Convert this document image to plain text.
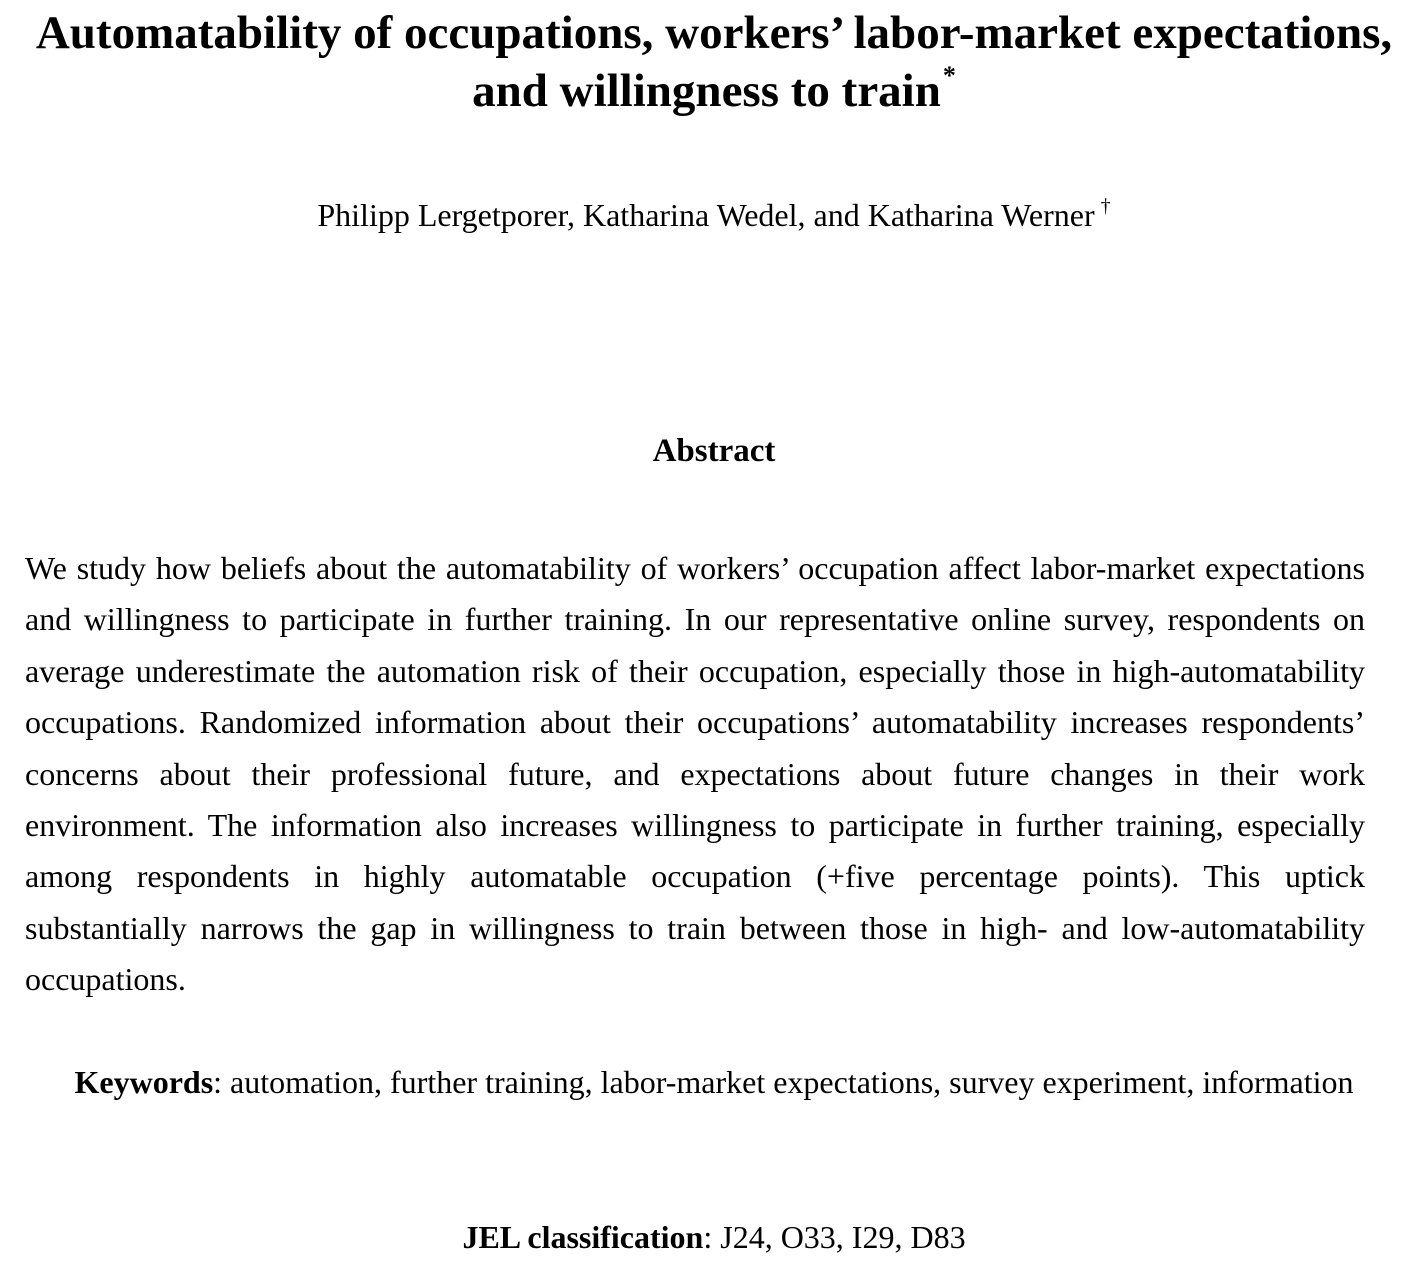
Automatability of occupations, workers’ labor-market expectations, and willingness to train*
Philipp Lergetporer, Katharina Wedel, and Katharina Werner †
Abstract

We study how beliefs about the automatability of workers’ occupation affect labor-market expectations and willingness to participate in further training. In our representative online survey, respondents on average underestimate the automation risk of their occupation, especially those in high-automatability occupations. Randomized information about their occupations’ automatability increases respondents’ concerns about their professional future, and expectations about future changes in their work environment. The information also increases willingness to participate in further training, especially among respondents in highly automatable occupation (+five percentage points). This uptick substantially narrows the gap in willingness to train between those in high- and low-automatability occupations.

Keywords: automation, further training, labor-market expectations, survey experiment, information
JEL classification: J24, O33, I29, D83
